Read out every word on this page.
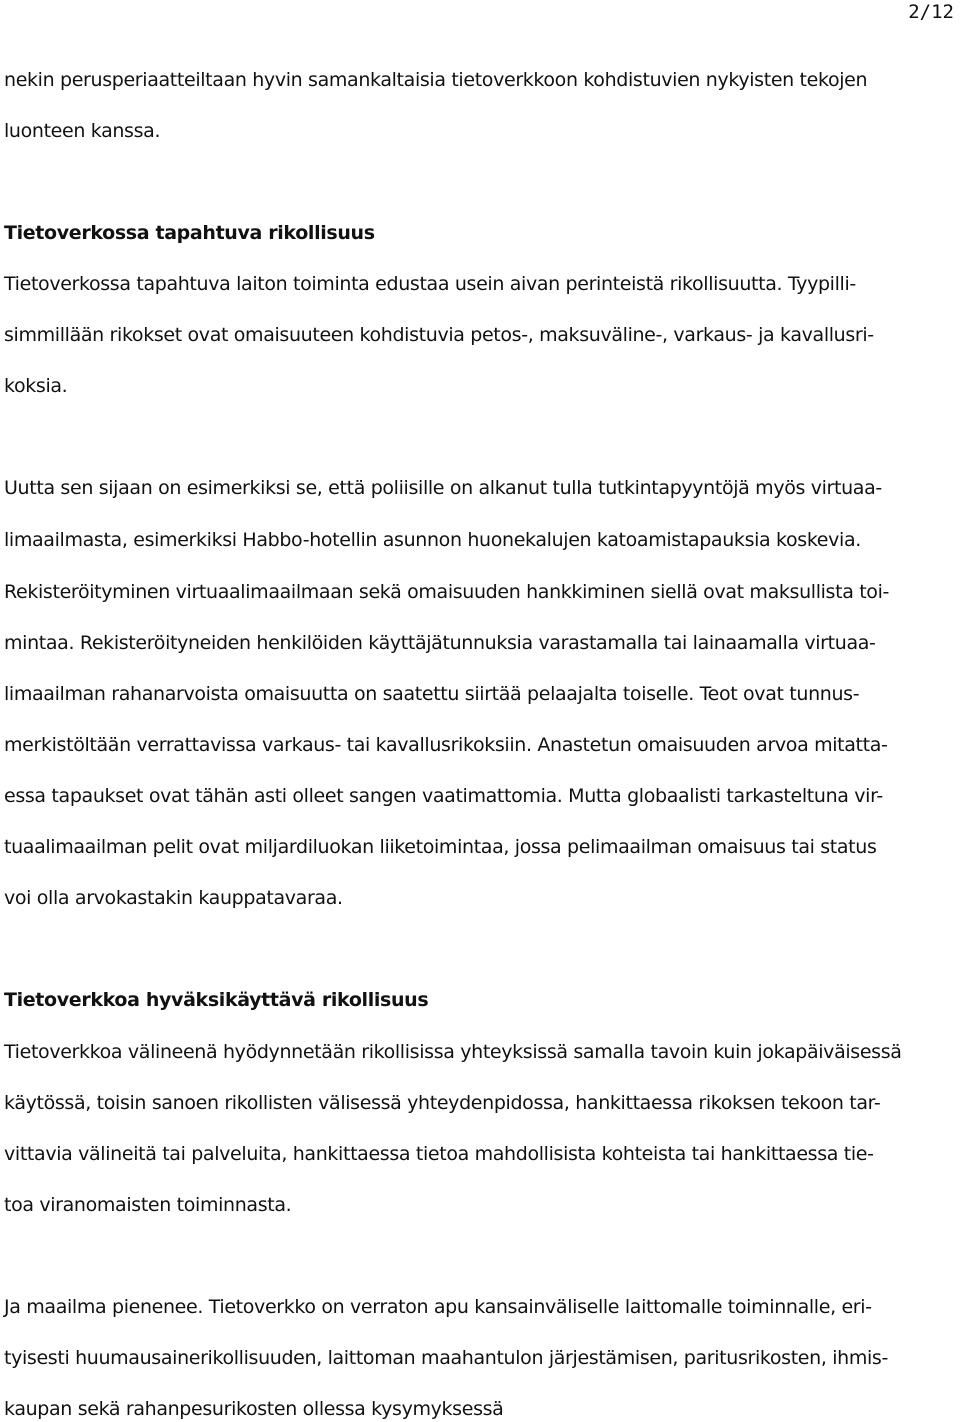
2/12
nekin perusperiaatteiltaan hyvin samankaltaisia tietoverkkoon kohdistuvien nykyisten tekojen
luonteen kanssa.
Tietoverkossa tapahtuva rikollisuus
Tietoverkossa tapahtuva laiton toiminta edustaa usein aivan perinteistä rikollisuutta. Tyypilli-
simmillään rikokset ovat omaisuuteen kohdistuvia petos-, maksuväline-, varkaus- ja kavallusri-
koksia.
Uutta sen sijaan on esimerkiksi se, että poliisille on alkanut tulla tutkintapyyntöjä myös virtuaa-
limaailmasta, esimerkiksi Habbo-hotellin asunnon huonekalujen katoamistapauksia koskevia.
Rekisteröityminen virtuaalimaailmaan sekä omaisuuden hankkiminen siellä ovat maksullista toi-
mintaa. Rekisteröityneiden henkilöiden käyttäjätunnuksia varastamalla tai lainaamalla virtuaa-
limaailman rahanarvoista omaisuutta on saatettu siirtää pelaajalta toiselle. Teot ovat tunnus-
merkistöltään verrattavissa varkaus- tai kavallusrikoksiin. Anastetun omaisuuden arvoa mitatta-
essa tapaukset ovat tähän asti olleet sangen vaatimattomia. Mutta globaalisti tarkasteltuna vir-
tuaalimaailman pelit ovat miljardiluokan liiketoimintaa, jossa pelimaailman omaisuus tai status
voi olla arvokastakin kauppatavaraa.
Tietoverkkoa hyväksikäyttävä rikollisuus
Tietoverkkoa välineenä hyödynnetään rikollisissa yhteyksissä samalla tavoin kuin jokapäiväisessä
käytössä, toisin sanoen rikollisten välisessä yhteydenpidossa, hankittaessa rikoksen tekoon tar-
vittavia välineitä tai palveluita, hankittaessa tietoa mahdollisista kohteista tai hankittaessa tie-
toa viranomaisten toiminnasta.
Ja maailma pienenee. Tietoverkko on verraton apu kansainväliselle laittomalle toiminnalle, eri-
tyisesti huumausainerikollisuuden, laittoman maahantulon järjestämisen, paritusrikosten, ihmis-
kaupan sekä rahanpesurikosten ollessa kysymyksessä
